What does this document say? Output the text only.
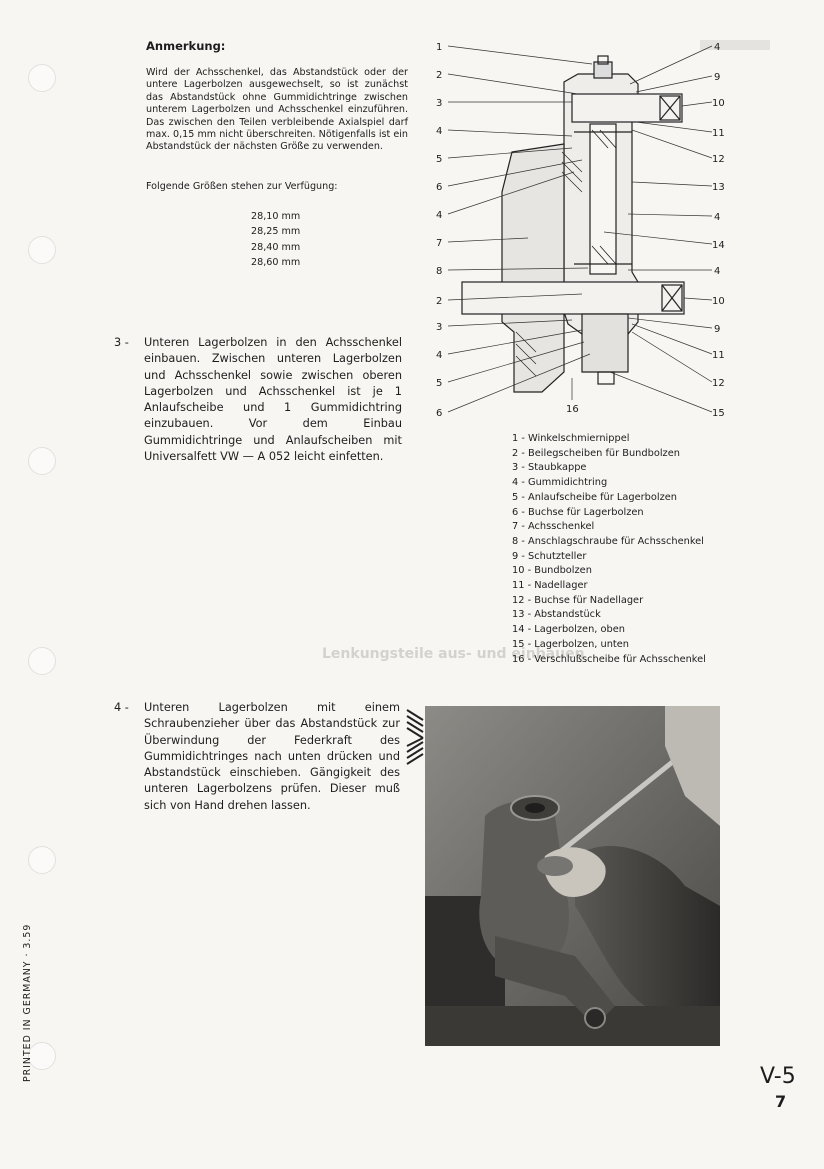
Lenkungsteile aus- und einbauen
Anmerkung:
Wird der Achsschenkel, das Abstandstück oder der untere Lagerbolzen ausgewechselt, so ist zunächst das Abstandstück ohne Gummidichtringe zwischen unterem Lagerbolzen und Achsschenkel einzuführen. Das zwischen den Teilen verbleibende Axialspiel darf max. 0,15 mm nicht überschreiten. Nötigenfalls ist ein Abstandstück der nächsten Größe zu verwenden.
Folgende Größen stehen zur Verfügung:
28,10 mm
28,25 mm
28,40 mm
28,60 mm
3 - Unteren Lagerbolzen in den Achsschenkel einbauen. Zwischen unteren Lagerbolzen und Achsschenkel sowie zwischen oberen Lagerbolzen und Achsschenkel ist je 1 Anlaufscheibe und 1 Gummidichtring einzubauen. Vor dem Einbau Gummidichtringe und Anlaufscheiben mit Universalfett VW — A 052 leicht einfetten.
4 - Unteren Lagerbolzen mit einem Schraubenzieher über das Abstandstück zur Überwindung der Federkraft des Gummidichtringes nach unten drücken und Abstandstück einschieben. Gängigkeit des unteren Lagerbolzens prüfen. Dieser muß sich von Hand drehen lassen.
1
2
3
4
5
6
4
7
8
2
3
4
5
6
4
9
10
11
12
13
4
14
4
10
9
11
12
15
16
1 - Winkelschmiernippel
2 - Beilegscheiben für Bundbolzen
3 - Staubkappe
4 - Gummidichtring
5 - Anlaufscheibe für Lagerbolzen
6 - Buchse für Lagerbolzen
7 - Achsschenkel
8 - Anschlagschraube für Achsschenkel
9 - Schutzteller
10 - Bundbolzen
11 - Nadellager
12 - Buchse für Nadellager
13 - Abstandstück
14 - Lagerbolzen, oben
15 - Lagerbolzen, unten
16 - Verschlußscheibe für Achsschenkel
PRINTED IN GERMANY · 3.59	V-5
7
